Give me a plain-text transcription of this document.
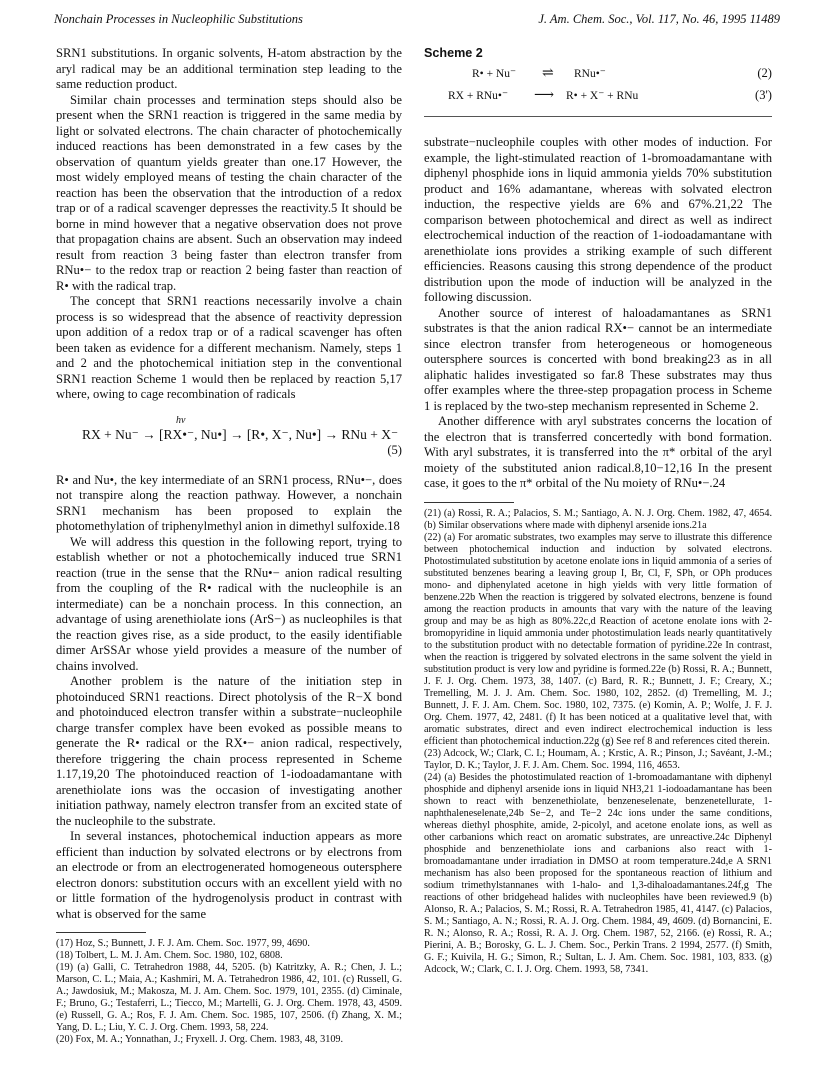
Nonchain Processes in Nucleophilic Substitutions	J. Am. Chem. Soc., Vol. 117, No. 46, 1995 11489

SRN1 substitutions. In organic solvents, H-atom abstraction by the aryl radical may be an additional termination step leading to the same reduction product.

Similar chain processes and termination steps should also be present when the SRN1 reaction is triggered in the same media by light or solvated electrons. The chain character of photochemically induced reactions has been demonstrated in a few cases by the observation of quantum yields greater than one.17 However, the most widely employed means of testing the chain character of the reaction has been the observation that the introduction of a redox trap or of a radical scavenger depresses the reactivity.5 It should be borne in mind however that a negative observation does not prove that propagation chains are absent. Such an observation may indeed result from reaction 3 being faster than electron transfer from RNu•− to the redox trap or reaction 2 being faster than reaction of R• with the radical trap.

The concept that SRN1 reactions necessarily involve a chain process is so widespread that the absence of reactivity depression upon addition of a redox trap or of a radical scavenger has often been taken as evidence for a different mechanism. Namely, steps 1 and 2 and the photochemical initiation step in the conventional SRN1 reaction Scheme 1 would then be replaced by reaction 5,17 where, owing to cage recombination of radicals

hν
RX + Nu⁻ → [RX•⁻, Nu•] → [R•, X⁻, Nu•] → RNu + X⁻
(5)

R• and Nu•, the key intermediate of an SRN1 process, RNu•−, does not transpire along the reaction pathway. However, a nonchain SRN1 mechanism has been proposed to explain the photomethylation of triphenylmethyl anion in dimethyl sulfoxide.18

We will address this question in the following report, trying to establish whether or not a photochemically induced true SRN1 reaction (true in the sense that the RNu•− anion radical resulting from the coupling of the R• radical with the nucleophile is an intermediate) can be a nonchain process. In this connection, an advantage of using arenethiolate ions (ArS−) as nucleophiles is that the reaction gives rise, as a side product, to the easily identifiable dimer ArSSAr whose yield provides a measure of the number of chains involved.

Another problem is the nature of the initiation step in photoinduced SRN1 reactions. Direct photolysis of the R−X bond and photoinduced electron transfer within a substrate−nucleophile charge transfer complex have been evoked as possible means to generate the R• radical or the RX•− anion radical, respectively, therefore triggering the chain process represented in Scheme 1.17,19,20 The photoinduced reaction of 1-iodoadamantane with arenethiolate ions was the occasion of investigating another initiation pathway, namely electron transfer from an excited state of the nucleophile to the substrate.

In several instances, photochemical induction appears as more efficient than induction by solvated electrons or by electrons from an electrode or from an electrogenerated homogeneous outersphere electron donors: substitution occurs with an excellent yield with no or little formation of the hydrogenolysis product in contrast with what is observed for the same

(17) Hoz, S.; Bunnett, J. F. J. Am. Chem. Soc. 1977, 99, 4690.

(18) Tolbert, L. M. J. Am. Chem. Soc. 1980, 102, 6808.

(19) (a) Galli, C. Tetrahedron 1988, 44, 5205. (b) Katritzky, A. R.; Chen, J. L.; Marson, C. L.; Maia, A.; Kashmiri, M. A. Tetrahedron 1986, 42, 101. (c) Russell, G. A.; Jawdosiuk, M.; Makosza, M. J. Am. Chem. Soc. 1979, 101, 2355. (d) Ciminale, F.; Bruno, G.; Testaferri, L.; Tiecco, M.; Martelli, G. J. Org. Chem. 1978, 43, 4509. (e) Russell, G. A.; Ros, F. J. Am. Chem. Soc. 1985, 107, 2506. (f) Zhang, X. M.; Yang, D. L.; Liu, Y. C. J. Org. Chem. 1993, 58, 224.

(20) Fox, M. A.; Yonnathan, J.; Fryxell. J. Org. Chem. 1983, 48, 3109.

Scheme 2
R• + Nu⁻ ⇌ RNu•⁻	(2)
RX + RNu•⁻ ⟶ R• + X⁻ + RNu	(3')

substrate−nucleophile couples with other modes of induction. For example, the light-stimulated reaction of 1-bromoadamantane with diphenyl phosphide ions in liquid ammonia yields 70% substitution product and 16% adamantane, whereas with solvated electron induction, the respective yields are 6% and 67%.21,22 The comparison between photochemical and direct as well as indirect electrochemical induction of the reaction of 1-iodoadamantane with arenethiolate ions provides a striking example of such different efficiencies. Reasons causing this strong dependence of the product distribution upon the mode of induction will be analyzed in the following discussion.

Another source of interest of haloadamantanes as SRN1 substrates is that the anion radical RX•− cannot be an intermediate since electron transfer from heterogeneous or homogeneous outersphere sources is concerted with bond breaking23 as in all aliphatic halides investigated so far.8 These substrates may thus offer examples where the three-step propagation process in Scheme 1 is replaced by the two-step mechanism represented in Scheme 2.

Another difference with aryl substrates concerns the location of the electron that is transferred concertedly with bond formation. With aryl substrates, it is transferred into the π* orbital of the aryl moiety of the substituted anion radical.8,10−12,16 In the present case, it goes to the π* orbital of the Nu moiety of RNu•−.24

(21) (a) Rossi, R. A.; Palacios, S. M.; Santiago, A. N. J. Org. Chem. 1982, 47, 4654. (b) Similar observations where made with diphenyl arsenide ions.21a

(22) (a) For aromatic substrates, two examples may serve to illustrate this difference between photochemical induction and induction by solvated electrons. Photostimulated substitution by acetone enolate ions in liquid ammonia of a series of substituted benzenes bearing a leaving group I, Br, Cl, F, SPh, or OPh produces mono- and diphenylated acetone in high yields with very little formation of benzene.22b When the reaction is triggered by solvated electrons, benzene is found among the reaction products in amounts that vary with the nature of the leaving group and may be as high as 80%.22c,d Reaction of acetone enolate ions with 2-bromopyridine in liquid ammonia under photostimulation leads nearly quantitatively to the substitution product with no detectable formation of pyridine.22e In contrast, when the reaction is triggered by solvated electrons in the same solvent the yield in substitution product is very low and pyridine is formed.22e (b) Rossi, R. A.; Bunnett, J. F. J. Org. Chem. 1973, 38, 1407. (c) Bard, R. R.; Bunnett, J. F.; Creary, X.; Tremelling, M. J. J. Am. Chem. Soc. 1980, 102, 2852. (d) Tremelling, M. J.; Bunnett, J. F. J. Am. Chem. Soc. 1980, 102, 7375. (e) Komin, A. P.; Wolfe, J. F. J. Org. Chem. 1977, 42, 2481. (f) It has been noticed at a qualitative level that, with aromatic substrates, direct and even indirect electrochemical induction is less efficient than photochemical induction.22g (g) See ref 8 and references cited therein.

(23) Adcock, W.; Clark, C. I.; Houmam, A. ; Krstic, A. R.; Pinson, J.; Savéant, J.-M.; Taylor, D. K.; Taylor, J. F. J. Am. Chem. Soc. 1994, 116, 4653.

(24) (a) Besides the photostimulated reaction of 1-bromoadamantane with diphenyl phosphide and diphenyl arsenide ions in liquid NH3,21 1-iodoadamantane has been shown to react with benzenethiolate, benzeneselenate, benzenetellurate, 1-naphthaleneselenate,24b Se−2, and Te−2 24c ions under the same conditions, whereas diethyl phosphite, amide, 2-picolyl, and acetone enolate ions, as well as other carbanions which react on aromatic substrates, are unreactive.24c Diphenyl phosphide and benzenethiolate ions and carbanions also react with 1-bromoadamantane under irradiation in DMSO at room temperature.24d,e A SRN1 mechanism has also been proposed for the spontaneous reaction of lithium and sodium trimethylstannanes with 1-halo- and 1,3-dihaloadamantanes.24f,g The reactions of other bridgehead halides with nucleophiles have been reviewed.9 (b) Alonso, R. A.; Palacios, S. M.; Rossi, R. A. Tetrahedron 1985, 41, 4147. (c) Palacios, S. M.; Santiago, A. N.; Rossi, R. A. J. Org. Chem. 1984, 49, 4609. (d) Bornancini, E. R. N.; Alonso, R. A.; Rossi, R. A. J. Org. Chem. 1987, 52, 2166. (e) Rossi, R. A.; Pierini, A. B.; Borosky, G. L. J. Chem. Soc., Perkin Trans. 2 1994, 2577. (f) Smith, G. F.; Kuivila, H. G.; Simon, R.; Sultan, L. J. Am. Chem. Soc. 1981, 103, 833. (g) Adcock, W.; Clark, C. I. J. Org. Chem. 1993, 58, 7341.
